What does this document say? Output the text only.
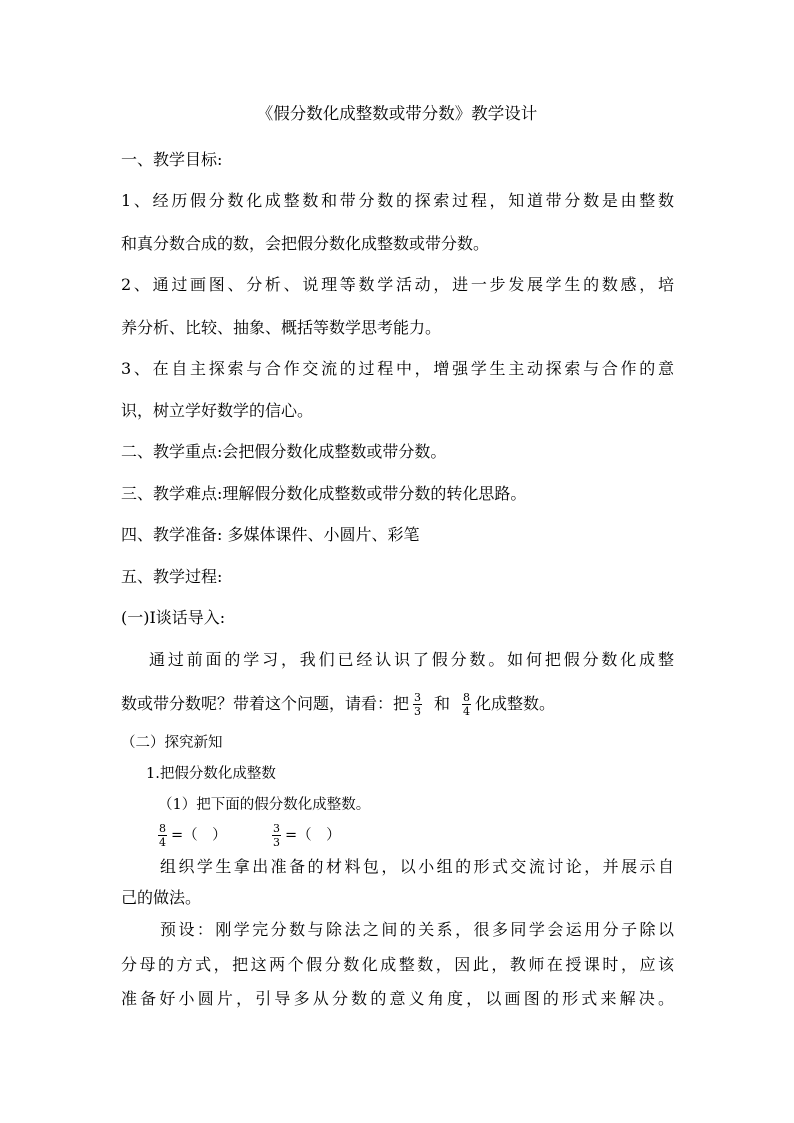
《假分数化成整数或带分数》教学设计
一、教学目标:
1、经历假分数化成整数和带分数的探索过程，知道带分数是由整数
和真分数合成的数，会把假分数化成整数或带分数。
2、通过画图、分析、说理等数学活动，进一步发展学生的数感，培
养分析、比较、抽象、概括等数学思考能力。
3、在自主探索与合作交流的过程中，增强学生主动探索与合作的意
识，树立学好数学的信心。
二、教学重点:会把假分数化成整数或带分数。
三、教学难点:理解假分数化成整数或带分数的转化思路。
四、教学准备: 多媒体课件、小圆片、彩笔
五、教学过程:
(一)I谈话导入:
通过前面的学习，我们已经认识了假分数。如何把假分数化成整
数或带分数呢？带着这个问题，请看：把 $\frac{3}{3}$ 和 $\frac{8}{4}$ 化成整数。
（二）探究新知
1.把假分数化成整数
（1）把下面的假分数化成整数。
$\frac{8}{4}$ =（　）	$\frac{3}{3}$ =（　）
组织学生拿出准备的材料包，以小组的形式交流讨论，并展示自
己的做法。
预设：刚学完分数与除法之间的关系，很多同学会运用分子除以
分母的方式，把这两个假分数化成整数，因此，教师在授课时，应该
准备好小圆片，引导多从分数的意义角度，以画图的形式来解决。
